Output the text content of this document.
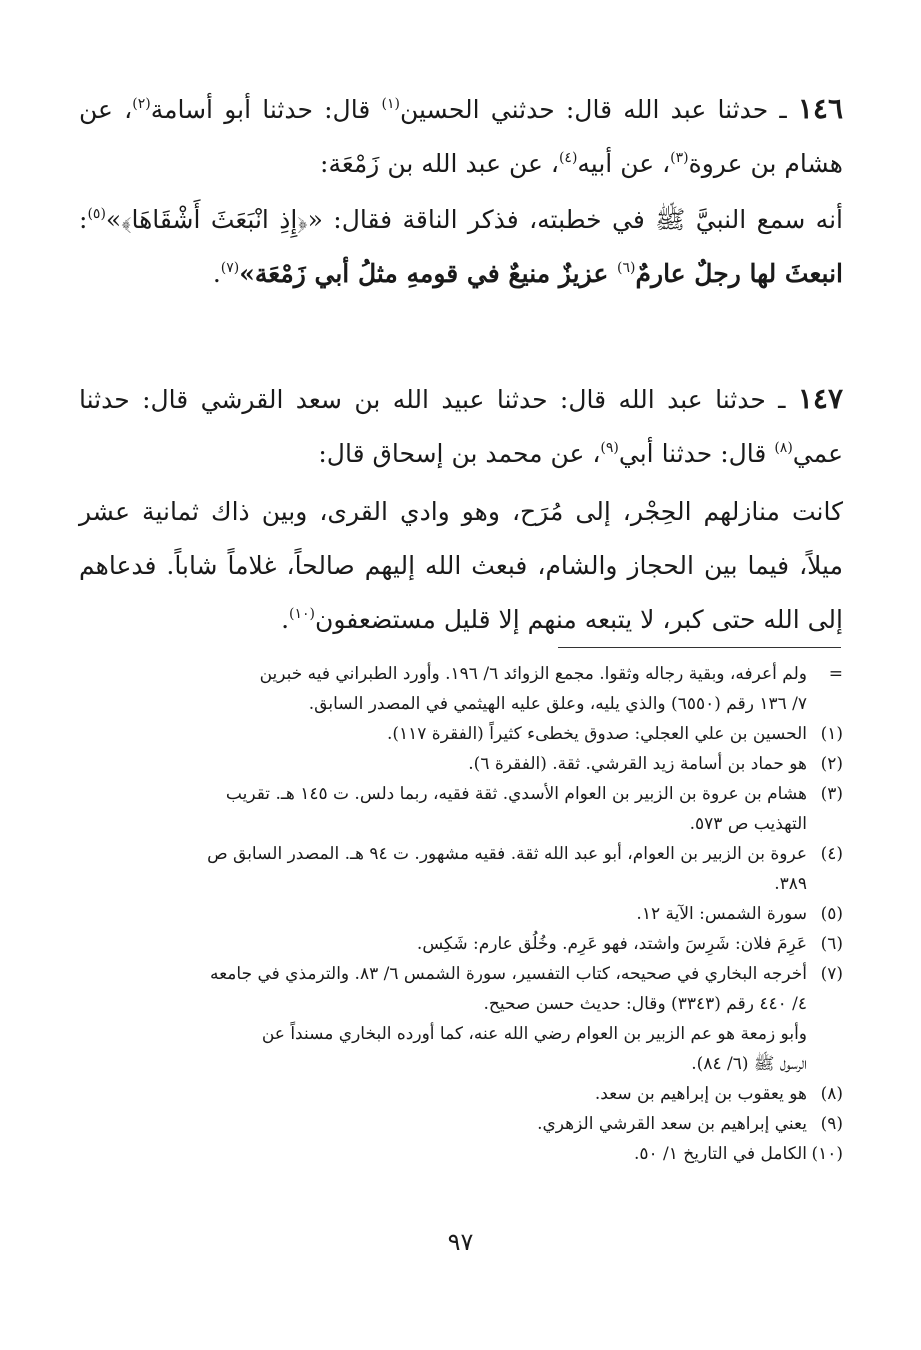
١٤٦ ـ حدثنا عبد الله قال: حدثني الحسين$^{(١)}$ قال: حدثنا أبو أسامة$^{(٢)}$، عن هشام بن عروة$^{(٣)}$، عن أبيه$^{(٤)}$، عن عبد الله بن زَمْعَة:
أنه سمع النبيَّ ﷺ في خطبته، فذكر الناقة فقال: «﴿إِذِ انْبَعَثَ أَشْقَاهَا﴾»$^{(٥)}$: انبعثَ لها رجلٌ عارمٌ$^{(٦)}$ عزيزٌ منيعٌ في قومهِ مثلُ أبي زَمْعَة»$^{(٧)}$.
١٤٧ ـ حدثنا عبد الله قال: حدثنا عبيد الله بن سعد القرشي قال: حدثنا عمي$^{(٨)}$ قال: حدثنا أبي$^{(٩)}$، عن محمد بن إسحاق قال:
كانت منازلهم الحِجْر، إلى مُرَح، وهو وادي القرى، وبين ذاك ثمانية عشر ميلاً، فيما بين الحجاز والشام، فبعث الله إليهم صالحاً، غلاماً شاباً. فدعاهم إلى الله حتى كبر، لا يتبعه منهم إلا قليل مستضعفون$^{(١٠)}$.
=
ولم أعرفه، وبقية رجاله وثقوا. مجمع الزوائد ٦/ ١٩٦. وأورد الطبراني فيه خبرين
٧/ ١٣٦ رقم (٦٥٥٠) والذي يليه، وعلق عليه الهيثمي في المصدر السابق.
(١)
الحسين بن علي العجلي: صدوق يخطىء كثيراً (الفقرة ١١٧).
(٢)
هو حماد بن أسامة زيد القرشي. ثقة. (الفقرة ٦).
(٣)
هشام بن عروة بن الزبير بن العوام الأسدي. ثقة فقيه، ربما دلس. ت ١٤٥ هـ. تقريب
التهذيب ص ٥٧٣.
(٤)
عروة بن الزبير بن العوام، أبو عبد الله ثقة. فقيه مشهور. ت ٩٤ هـ. المصدر السابق ص
٣٨٩.
(٥)
سورة الشمس: الآية ١٢.
(٦)
عَرِمَ فلان: شَرِسَ واشتد، فهو عَرِم. وخُلُق عارم: شَكِس.
(٧)
أخرجه البخاري في صحيحه، كتاب التفسير، سورة الشمس ٦/ ٨٣. والترمذي في جامعه
٤/ ٤٤٠ رقم (٣٣٤٣) وقال: حديث حسن صحيح.
وأبو زمعة هو عم الزبير بن العوام رضي الله عنه، كما أورده البخاري مسنداً عن
الرسول ﷺ (٦/ ٨٤).
(٨)
هو يعقوب بن إبراهيم بن سعد.
(٩)
يعني إبراهيم بن سعد القرشي الزهري.
(١٠)
الكامل في التاريخ ١/ ٥٠.
٩٧
